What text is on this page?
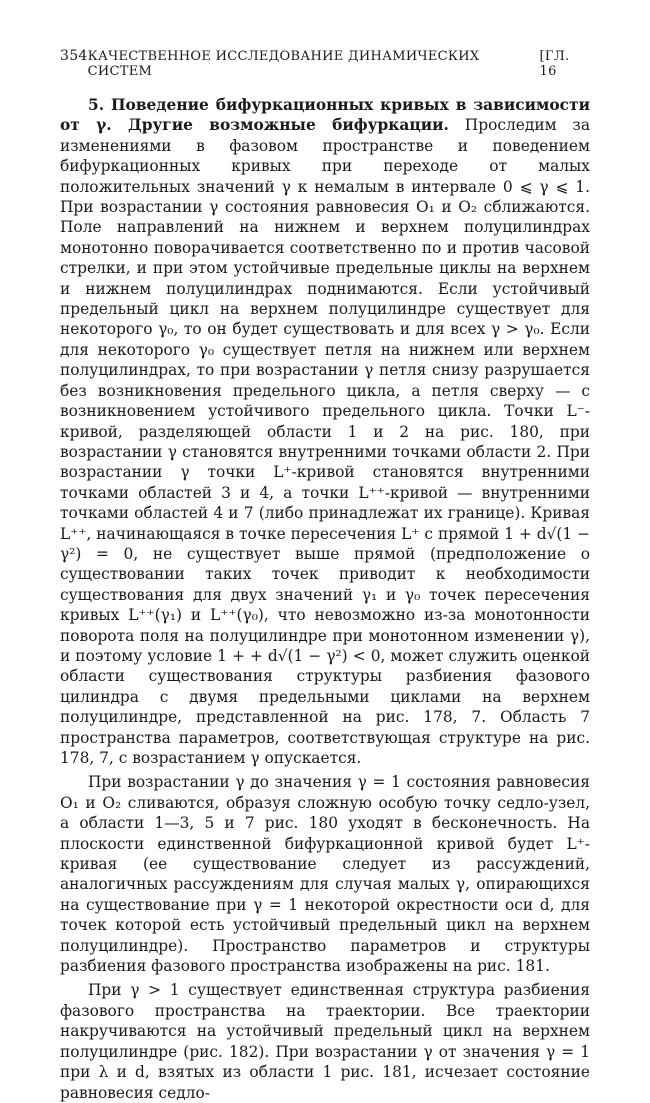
354 КАЧЕСТВЕННОЕ ИССЛЕДОВАНИЕ ДИНАМИЧЕСКИХ СИСТЕМ
[ГЛ. 16

5. Поведение бифуркационных кривых в зависимости от γ. Другие возможные бифуркации. Проследим за изменениями в фазовом пространстве и поведением бифуркационных кривых при переходе от малых положительных значений γ к немалым в интервале 0 ⩽ γ ⩽ 1. При возрастании γ состояния равновесия O₁ и O₂ сближаются. Поле направлений на нижнем и верхнем полуцилиндрах монотонно поворачивается соответственно по и против часовой стрелки, и при этом устойчивые предельные циклы на верхнем и нижнем полуцилиндрах поднимаются. Если устойчивый предельный цикл на верхнем полуцилиндре существует для некоторого γ₀, то он будет существовать и для всех γ > γ₀. Если для некоторого γ₀ существует петля на нижнем или верхнем полуцилиндрах, то при возрастании γ петля снизу разрушается без возникновения предельного цикла, а петля сверху — с возникновением устойчивого предельного цикла. Точки L⁻-кривой, разделяющей области 1 и 2 на рис. 180, при возрастании γ становятся внутренними точками области 2. При возрастании γ точки L⁺-кривой становятся внутренними точками областей 3 и 4, а точки L⁺⁺-кривой — внутренними точками областей 4 и 7 (либо принадлежат их границе). Кривая L⁺⁺, начинающаяся в точке пересечения L⁺ с прямой 1 + d√(1 − γ²) = 0, не существует выше прямой (предположение о существовании таких точек приводит к необходимости существования для двух значений γ₁ и γ₀ точек пересечения кривых L⁺⁺(γ₁) и L⁺⁺(γ₀), что невозможно из-за монотонности поворота поля на полуцилиндре при монотонном изменении γ), и поэтому условие 1 + + d√(1 − γ²) < 0, может служить оценкой области существования структуры разбиения фазового цилиндра с двумя предельными циклами на верхнем полуцилиндре, представленной на рис. 178, 7. Область 7 пространства параметров, соответствующая структуре на рис. 178, 7, с возрастанием γ опускается.

При возрастании γ до значения γ = 1 состояния равновесия O₁ и O₂ сливаются, образуя сложную особую точку седло-узел, а области 1—3, 5 и 7 рис. 180 уходят в бесконечность. На плоскости единственной бифуркационной кривой будет L⁺-кривая (ее существование следует из рассуждений, аналогичных рассуждениям для случая малых γ, опирающихся на существование при γ = 1 некоторой окрестности оси d, для точек которой есть устойчивый предельный цикл на верхнем полуцилиндре). Пространство параметров и структуры разбиения фазового пространства изображены на рис. 181.

При γ > 1 существует единственная структура разбиения фазового пространства на траектории. Все траектории накручиваются на устойчивый предельный цикл на верхнем полуцилиндре (рис. 182). При возрастании γ от значения γ = 1 при λ и d, взятых из области 1 рис. 181, исчезает состояние равновесия седло-
